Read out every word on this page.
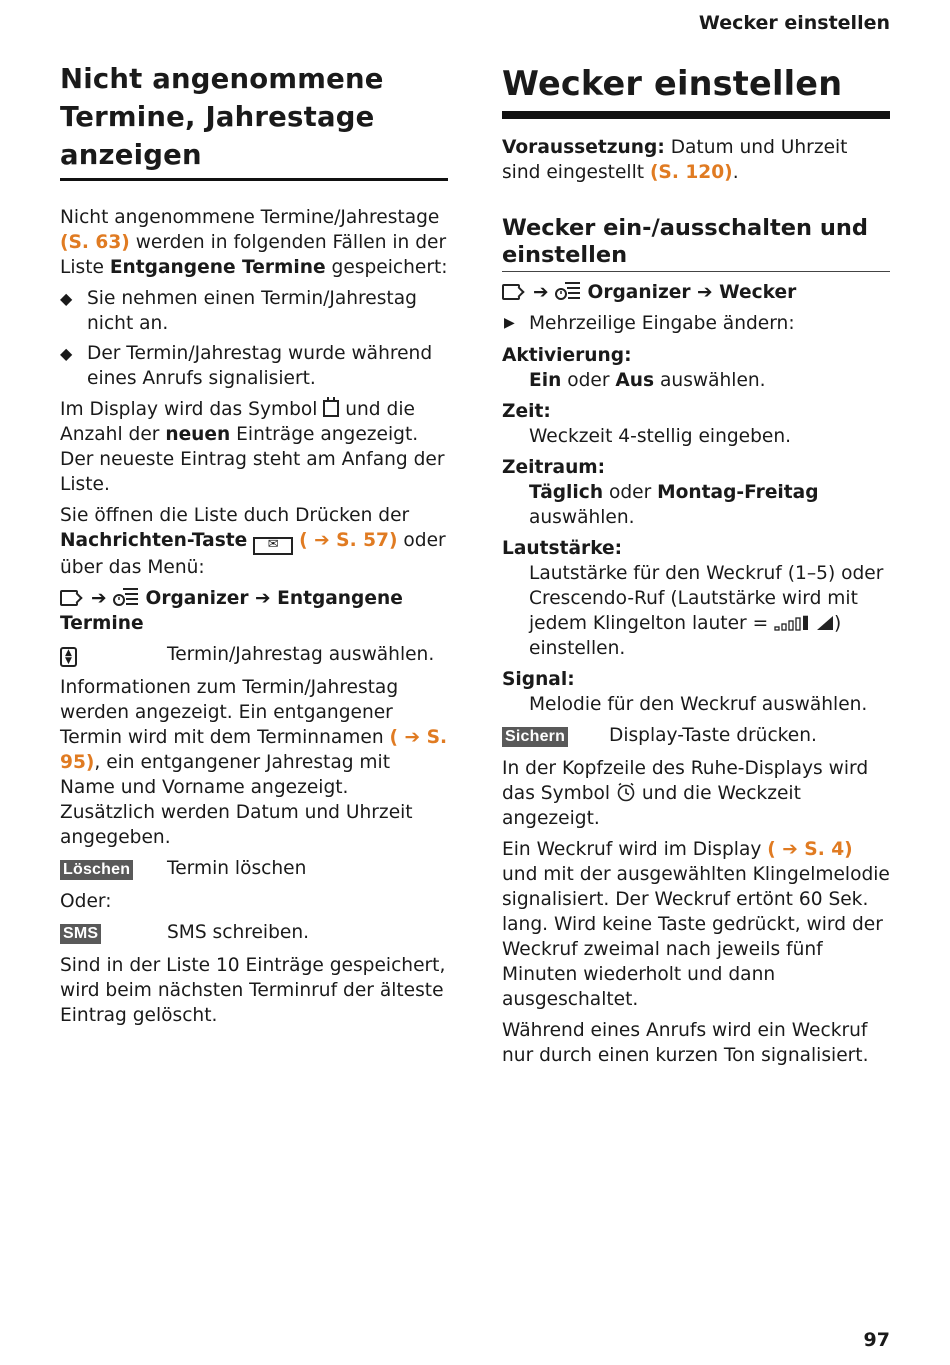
Wecker einstellen
Nicht angenommene
Termine, Jahrestage
anzeigen

Nicht angenommene Termine/Jahrestage
(S. 63) werden in folgenden Fällen in der Liste Entgangene Termine gespeichert:

◆ Sie nehmen einen Termin/Jahrestag nicht an.
◆ Der Termin/Jahrestag wurde während eines Anrufs signalisiert.

Im Display wird das Symbol  und die Anzahl der neuen Einträge angezeigt. Der neueste Eintrag steht am Anfang der Liste.

Sie öffnen die Liste duch Drücken der Nachrichten-Taste ✉ ( ➔ S. 57) oder über das Menü:

➔ Organizer ➔ Entgangene Termine

▲
▼	Termin/Jahrestag auswählen.

Informationen zum Termin/Jahrestag werden angezeigt. Ein entgangener Termin wird mit dem Terminnamen ( ➔ S. 95), ein entgangener Jahrestag mit Name und Vorname angezeigt. Zusätzlich werden Datum und Uhrzeit angegeben.

Löschen	Termin löschen

Oder:

SMS	SMS schreiben.

Sind in der Liste 10 Einträge gespeichert, wird beim nächsten Terminruf der älteste Eintrag gelöscht.

Wecker einstellen

Voraussetzung: Datum und Uhrzeit sind eingestellt (S. 120).

Wecker ein-/ausschalten und einstellen

➔ Organizer ➔ Wecker

▶ Mehrzeilige Eingabe ändern:
Aktivierung:
Ein oder Aus auswählen.
Zeit:
Weckzeit 4-stellig eingeben.
Zeitraum:
Täglich oder Montag-Freitag auswählen.
Lautstärke:
Lautstärke für den Weckruf (1–5) oder Crescendo-Ruf (Lautstärke wird mit jedem Klingelton lauter =	) einstellen.
Signal:
Melodie für den Weckruf auswählen.
Sichern	Display-Taste drücken.

In der Kopfzeile des Ruhe-Displays wird das Symbol  und die Weckzeit angezeigt.

Ein Weckruf wird im Display ( ➔ S. 4) und mit der ausgewählten Klingelmelodie signalisiert. Der Weckruf ertönt 60 Sek. lang. Wird keine Taste gedrückt, wird der Weckruf zweimal nach jeweils fünf Minuten wiederholt und dann ausgeschaltet.

Während eines Anrufs wird ein Weckruf nur durch einen kurzen Ton signalisiert.

97
